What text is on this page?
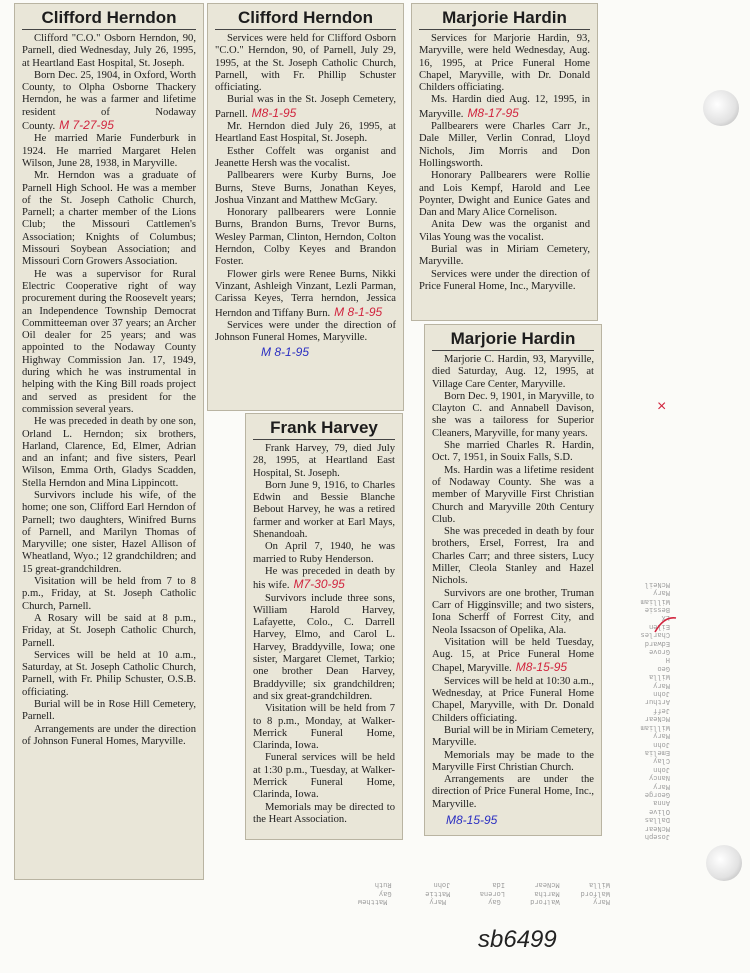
Joseph
McNear
Dallas
Olive
Anna
George
Mary
Nancy
John
Clay
Emelia
John
Mary
William
McNear
Jeff
Arthur
John
Mary
Willa
Geo
H
Grove
Edward
Charles
Eilen
LX
Bessie
William
Mary
McNeil

Mary        Walford       Gay          Mary          Matthew
Walford     Martha       Lorena       Mattie        Gay
Willa       McNear       Ida          John          Ruth

Clifford Herndon

Clifford "C.O." Osborn Herndon, 90, Parnell, died Wednesday, July 26, 1995, at Heartland East Hospital, St. Joseph.

Born Dec. 25, 1904, in Oxford, Worth County, to Olpha Osborne Thackery Herndon, he was a farmer and lifetime resident of Nodaway County. M 7-27-95

He married Marie Funderburk in 1924. He married Margaret Helen Wilson, June 28, 1938, in Maryville.

Mr. Herndon was a graduate of Parnell High School. He was a member of the St. Joseph Catholic Church, Parnell; a charter member of the Lions Club; the Missouri Cattlemen's Association; Knights of Columbus; Missouri Soybean Association; and Missouri Corn Growers Association.

He was a supervisor for Rural Electric Cooperative right of way procurement during the Roosevelt years; an Independence Township Democrat Committeeman over 37 years; an Archer Oil dealer for 25 years; and was appointed to the Nodaway County Highway Commission Jan. 17, 1949, during which he was instrumental in helping with the King Bill roads project and served as president for the commission several years.

He was preceded in death by one son, Orland L. Herndon; six brothers, Harland, Clarence, Ed, Elmer, Adrian and an infant; and five sisters, Pearl Wilson, Emma Orth, Gladys Scadden, Stella Herndon and Mina Lippincott.

Survivors include his wife, of the home; one son, Clifford Earl Herndon of Parnell; two daughters, Winifred Burns of Parnell, and Marilyn Thomas of Maryville; one sister, Hazel Allison of Wheatland, Wyo.; 12 grandchildren; and 15 great-grandchildren.

Visitation will be held from 7 to 8 p.m., Friday, at St. Joseph Catholic Church, Parnell.

A Rosary will be said at 8 p.m., Friday, at St. Joseph Catholic Church, Parnell.

Services will be held at 10 a.m., Saturday, at St. Joseph Catholic Church, Parnell, with Fr. Philip Schuster, O.S.B. officiating.

Burial will be in Rose Hill Cemetery, Parnell.

Arrangements are under the direction of Johnson Funeral Homes, Maryville.

Clifford Herndon

Services were held for Clifford Osborn "C.O." Herndon, 90, of Parnell, July 29, 1995, at the St. Joseph Catholic Church, Parnell, with Fr. Phillip Schuster officiating.

Burial was in the St. Joseph Cemetery, Parnell. M8-1-95

Mr. Herndon died July 26, 1995, at Heartland East Hospital, St. Joseph.

Esther Coffelt was organist and Jeanette Hersh was the vocalist.

Pallbearers were Kurby Burns, Joe Burns, Steve Burns, Jonathan Keyes, Joshua Vinzant and Matthew McGary.

Honorary pallbearers were Lonnie Burns, Brandon Burns, Trevor Burns, Wesley Parman, Clinton, Herndon, Colton Herndon, Colby Keyes and Brandon Foster.

Flower girls were Renee Burns, Nikki Vinzant, Ashleigh Vinzant, Lezli Parman, Carissa Keyes, Terra herndon, Jessica Herndon and Tiffany Burn. M 8-1-95

Services were under the direction of Johnson Funeral Homes, Maryville.

M 8-1-95
Marjorie Hardin

Services for Marjorie Hardin, 93, Maryville, were held Wednesday, Aug. 16, 1995, at Price Funeral Home Chapel, Maryville, with Dr. Donald Childers officiating.

Ms. Hardin died Aug. 12, 1995, in Maryville. M8-17-95

Pallbearers were Charles Carr Jr., Dale Miller, Verlin Conrad, Lloyd Nichols, Jim Morris and Don Hollingsworth.

Honorary Pallbearers were Rollie and Lois Kempf, Harold and Lee Poynter, Dwight and Eunice Gates and Dan and Mary Alice Cornelison.

Anita Dew was the organist and Vilas Young was the vocalist.

Burial was in Miriam Cemetery, Maryville.

Services were under the direction of Price Funeral Home, Inc., Maryville.

Frank Harvey

Frank Harvey, 79, died July 28, 1995, at Heartland East Hospital, St. Joseph.

Born June 9, 1916, to Charles Edwin and Bessie Blanche Bebout Harvey, he was a retired farmer and worker at Earl Mays, Shenandoah.

On April 7, 1940, he was married to Ruby Henderson.

He was preceded in death by his wife. M7-30-95

Survivors include three sons, William Harold Harvey, Lafayette, Colo., C. Darrell Harvey, Elmo, and Carol L. Harvey, Braddyville, Iowa; one sister, Margaret Clemet, Tarkio; one brother Dean Harvey, Braddyville; six grandchildren; and six great-grandchildren.

Visitation will be held from 7 to 8 p.m., Monday, at Walker-Merrick Funeral Home, Clarinda, Iowa.

Funeral services will be held at 1:30 p.m., Tuesday, at Walker-Merrick Funeral Home, Clarinda, Iowa.

Memorials may be directed to the Heart Association.

Marjorie Hardin

Marjorie C. Hardin, 93, Maryville, died Saturday, Aug. 12, 1995, at Village Care Center, Maryville.

Born Dec. 9, 1901, in Maryville, to Clayton C. and Annabell Davison, she was a tailoress for Superior Cleaners, Maryville, for many years.

She married Charles R. Hardin, Oct. 7, 1951, in Souix Falls, S.D.

Ms. Hardin was a lifetime resident of Nodaway County. She was a member of Maryville First Christian Church and Maryville 20th Century Club.

She was preceded in death by four brothers, Ersel, Forrest, Ira and Charles Carr; and three sisters, Lucy Miller, Cleola Stanley and Hazel Nichols.

Survivors are one brother, Truman Carr of Higginsville; and two sisters, Iona Scherff of Forrest City, and Neola Issacson of Opelika, Ala.

Visitation will be held Tuesday, Aug. 15, at Price Funeral Home Chapel, Maryville. M8-15-95

Services will be held at 10:30 a.m., Wednesday, at Price Funeral Home Chapel, Maryville, with Dr. Donald Childers officiating.

Burial will be in Miriam Cemetery, Maryville.

Memorials may be made to the Maryville First Christian Church.

Arrangements are under the direction of Price Funeral Home, Inc., Maryville.

M8-15-95
×
sb6499
